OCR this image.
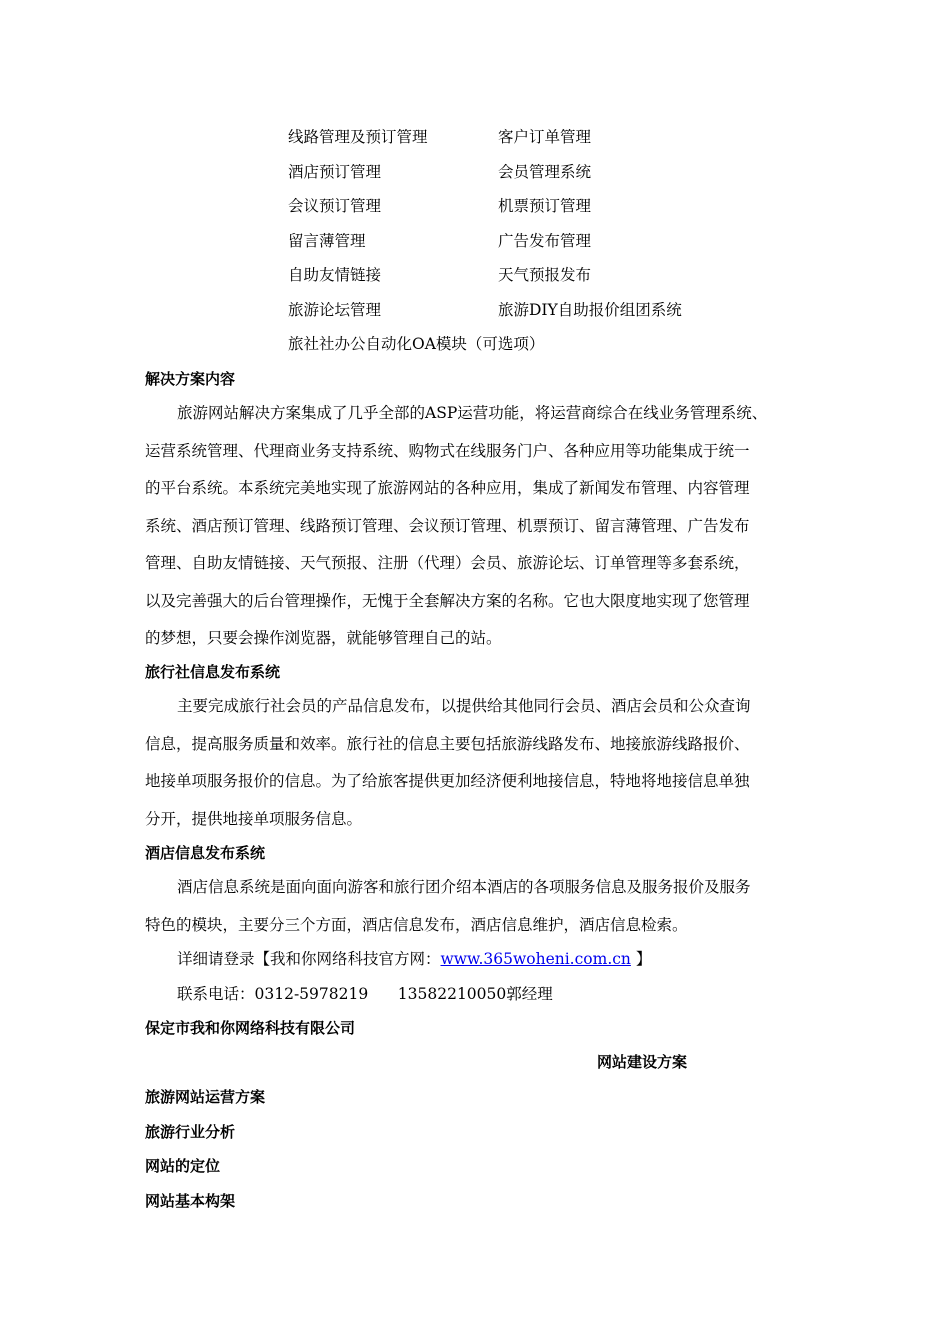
线路管理及预订管理	客户订单管理
酒店预订管理	会员管理系统
会议预订管理	机票预订管理
留言薄管理	广告发布管理
自助友情链接	天气预报发布
旅游论坛管理	旅游DIY自助报价组团系统
旅社社办公自动化OA模块（可选项）
解决方案内容
旅游网站解决方案集成了几乎全部的ASP运营功能，将运营商综合在线业务管理系统、
运营系统管理、代理商业务支持系统、购物式在线服务门户、各种应用等功能集成于统一
的平台系统。本系统完美地实现了旅游网站的各种应用，集成了新闻发布管理、内容管理
系统、酒店预订管理、线路预订管理、会议预订管理、机票预订、留言薄管理、广告发布
管理、自助友情链接、天气预报、注册（代理）会员、旅游论坛、订单管理等多套系统，
以及完善强大的后台管理操作，无愧于全套解决方案的名称。它也大限度地实现了您管理
的梦想，只要会操作浏览器，就能够管理自己的站。
旅行社信息发布系统
主要完成旅行社会员的产品信息发布，以提供给其他同行会员、酒店会员和公众查询
信息，提高服务质量和效率。旅行社的信息主要包括旅游线路发布、地接旅游线路报价、
地接单项服务报价的信息。为了给旅客提供更加经济便利地接信息，特地将地接信息单独
分开，提供地接单项服务信息。
酒店信息发布系统
酒店信息系统是面向面向游客和旅行团介绍本酒店的各项服务信息及服务报价及服务
特色的模块，主要分三个方面，酒店信息发布，酒店信息维护，酒店信息检索。
详细请登录【我和你网络科技官方网：www.365woheni.com.cn 】
联系电话：0312-5978219      13582210050郭经理
保定市我和你网络科技有限公司
网站建设方案
旅游网站运营方案
旅游行业分析
网站的定位
网站基本构架
